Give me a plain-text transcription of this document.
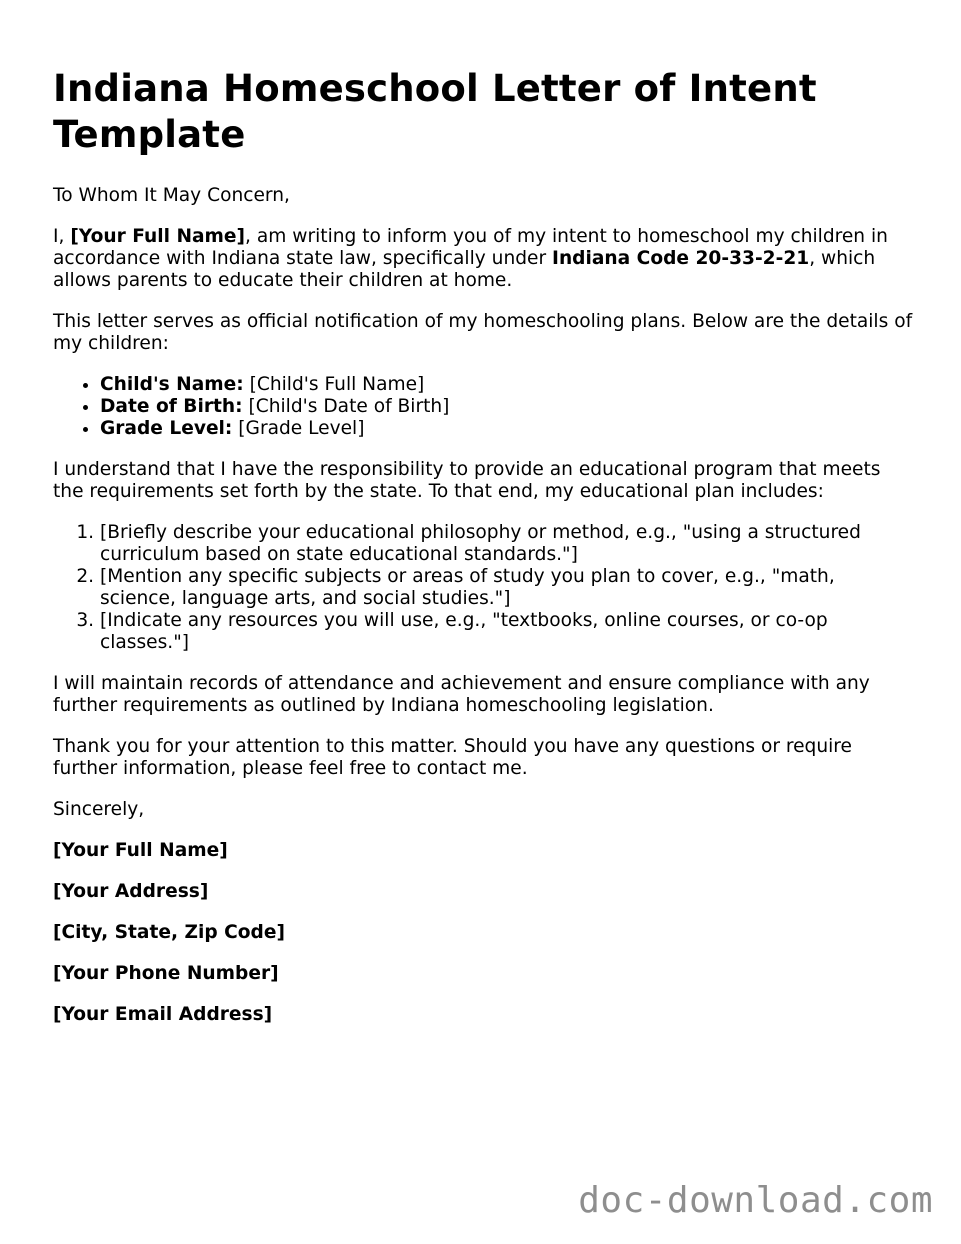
Indiana Homeschool Letter of Intent Template

To Whom It May Concern,

I, [Your Full Name], am writing to inform you of my intent to homeschool my children in accordance with Indiana state law, specifically under Indiana Code 20-33-2-21, which allows parents to educate their children at home.

This letter serves as official notification of my homeschooling plans. Below are the details of my children:

• Child's Name: [Child's Full Name]
• Date of Birth: [Child's Date of Birth]
• Grade Level: [Grade Level]

I understand that I have the responsibility to provide an educational program that meets the requirements set forth by the state. To that end, my educational plan includes:

1. [Briefly describe your educational philosophy or method, e.g., "using a structured curriculum based on state educational standards."]
2. [Mention any specific subjects or areas of study you plan to cover, e.g., "math, science, language arts, and social studies."]
3. [Indicate any resources you will use, e.g., "textbooks, online courses, or co-op classes."]

I will maintain records of attendance and achievement and ensure compliance with any further requirements as outlined by Indiana homeschooling legislation.

Thank you for your attention to this matter. Should you have any questions or require further information, please feel free to contact me.

Sincerely,

[Your Full Name]

[Your Address]

[City, State, Zip Code]

[Your Phone Number]

[Your Email Address]

doc-download.com
